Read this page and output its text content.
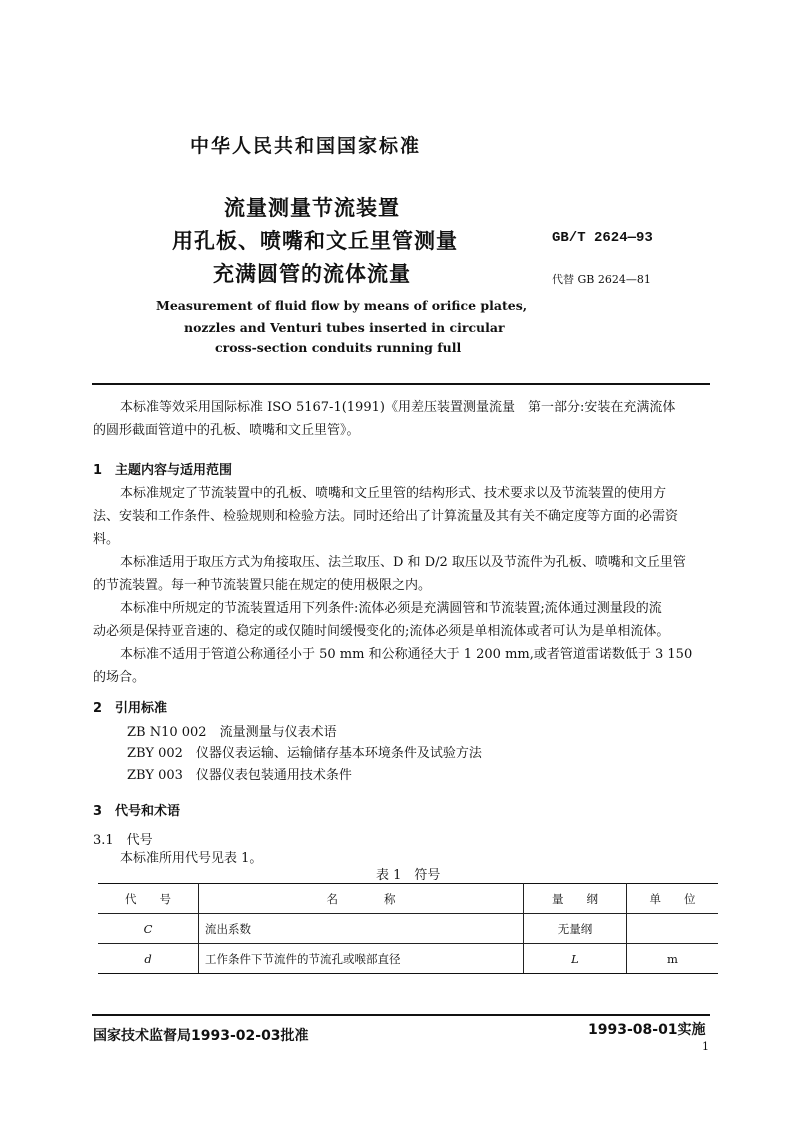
中华人民共和国国家标准
流量测量节流装置
用孔板、喷嘴和文丘里管测量
充满圆管的流体流量
GB/T 2624—93
代替 GB 2624—81
Measurement of fluid flow by means of orifice plates,
nozzles and Venturi tubes inserted in circular
cross-section conduits running full
本标准等效采用国际标准 ISO 5167-1(1991)《用差压装置测量流量　第一部分:安装在充满流体
的圆形截面管道中的孔板、喷嘴和文丘里管》。
1　主题内容与适用范围
本标准规定了节流装置中的孔板、喷嘴和文丘里管的结构形式、技术要求以及节流装置的使用方
法、安装和工作条件、检验规则和检验方法。同时还给出了计算流量及其有关不确定度等方面的必需资
料。
本标准适用于取压方式为角接取压、法兰取压、D 和 D/2 取压以及节流件为孔板、喷嘴和文丘里管
的节流装置。每一种节流装置只能在规定的使用极限之内。
本标准中所规定的节流装置适用下列条件:流体必须是充满圆管和节流装置;流体通过测量段的流
动必须是保持亚音速的、稳定的或仅随时间缓慢变化的;流体必须是单相流体或者可认为是单相流体。
本标准不适用于管道公称通径小于 50 mm 和公称通径大于 1 200 mm,或者管道雷诺数低于 3 150
的场合。
2　引用标准
ZB N10 002　流量测量与仪表术语
ZBY 002　仪器仪表运输、运输储存基本环境条件及试验方法
ZBY 003　仪器仪表包装通用技术条件
3　代号和术语
3.1　代号
本标准所用代号见表 1。
表 1　符号
代　　号	名　　　　称	量　　纲	单　　位
C	流出系数	无量纲	
d	工作条件下节流件的节流孔或喉部直径	L	m
国家技术监督局1993-02-03批准	1993-08-01实施
1
